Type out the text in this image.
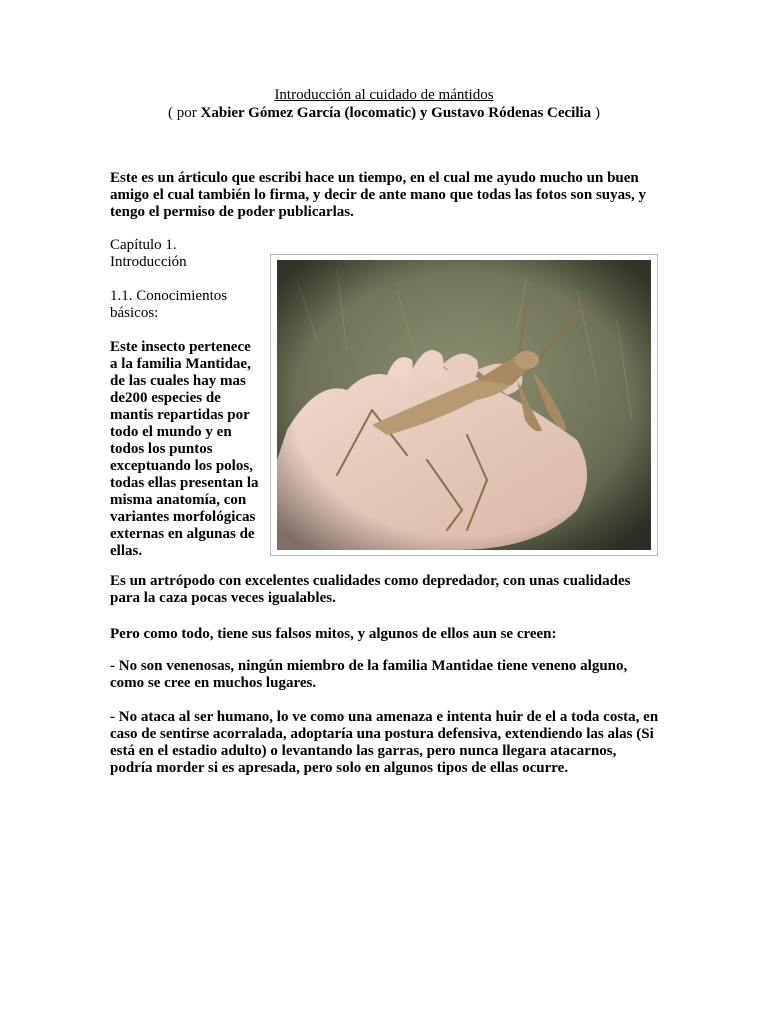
Introducción al cuidado de mántidos
( por Xabier Gómez García (locomatic) y Gustavo Ródenas Cecilia )
Este es un árticulo que escribi hace un tiempo, en el cual me ayudo mucho un buen amigo el cual también lo firma, y decir de ante mano que todas las fotos son suyas, y tengo el permiso de poder publicarlas.
Capítulo 1.
Introducción
1.1. Conocimientos básicos:
Este insecto pertenece a la familia Mantidae, de las cuales hay mas de200 especies de mantis repartidas por todo el mundo y en todos los puntos exceptuando los polos, todas ellas presentan la misma anatomía, con variantes morfológicas externas en algunas de ellas.
Es un artrópodo con excelentes cualidades como depredador, con unas cualidades para la caza pocas veces igualables.
Pero como todo, tiene sus falsos mitos, y algunos de ellos aun se creen:
- No son venenosas, ningún miembro de la familia Mantidae tiene veneno alguno, como se cree en muchos lugares.
- No ataca al ser humano, lo ve como una amenaza e intenta huir de el a toda costa, en caso de sentirse acorralada, adoptaría una postura defensiva, extendiendo las alas (Si está en el estadio adulto) o levantando las garras, pero nunca llegara atacarnos, podría morder si es apresada, pero solo en algunos tipos de ellas ocurre.
